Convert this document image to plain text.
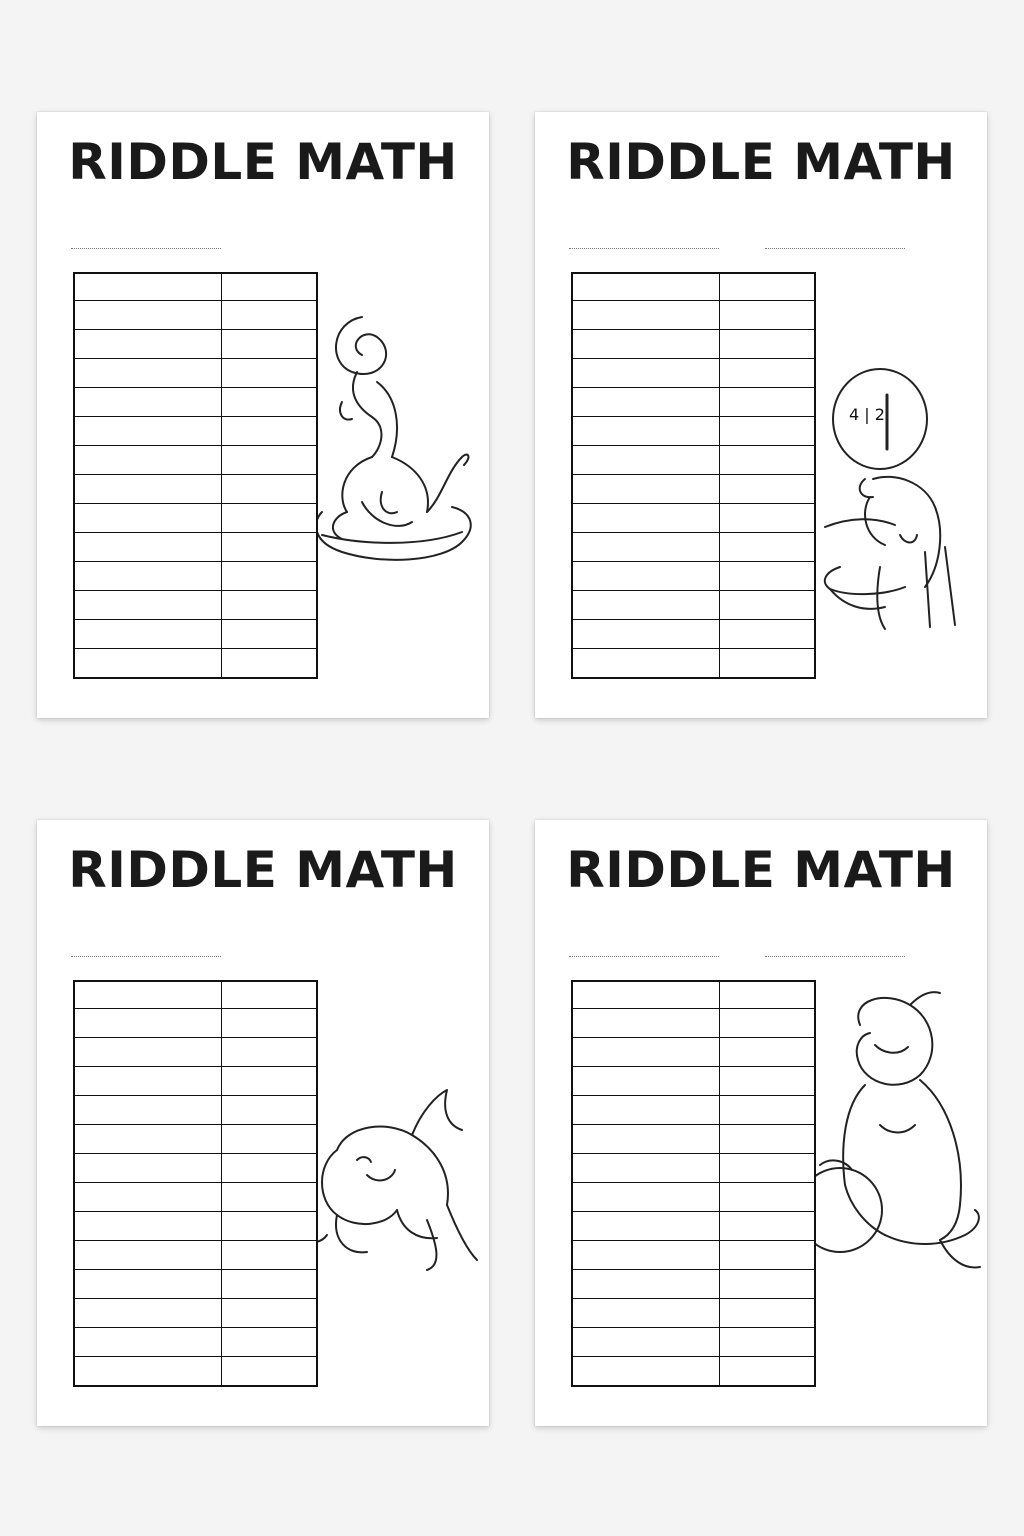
RIDDLE MATH

		RIDDLE MATH

4 | 2
RIDDLE MATH

		RIDDLE MATH
